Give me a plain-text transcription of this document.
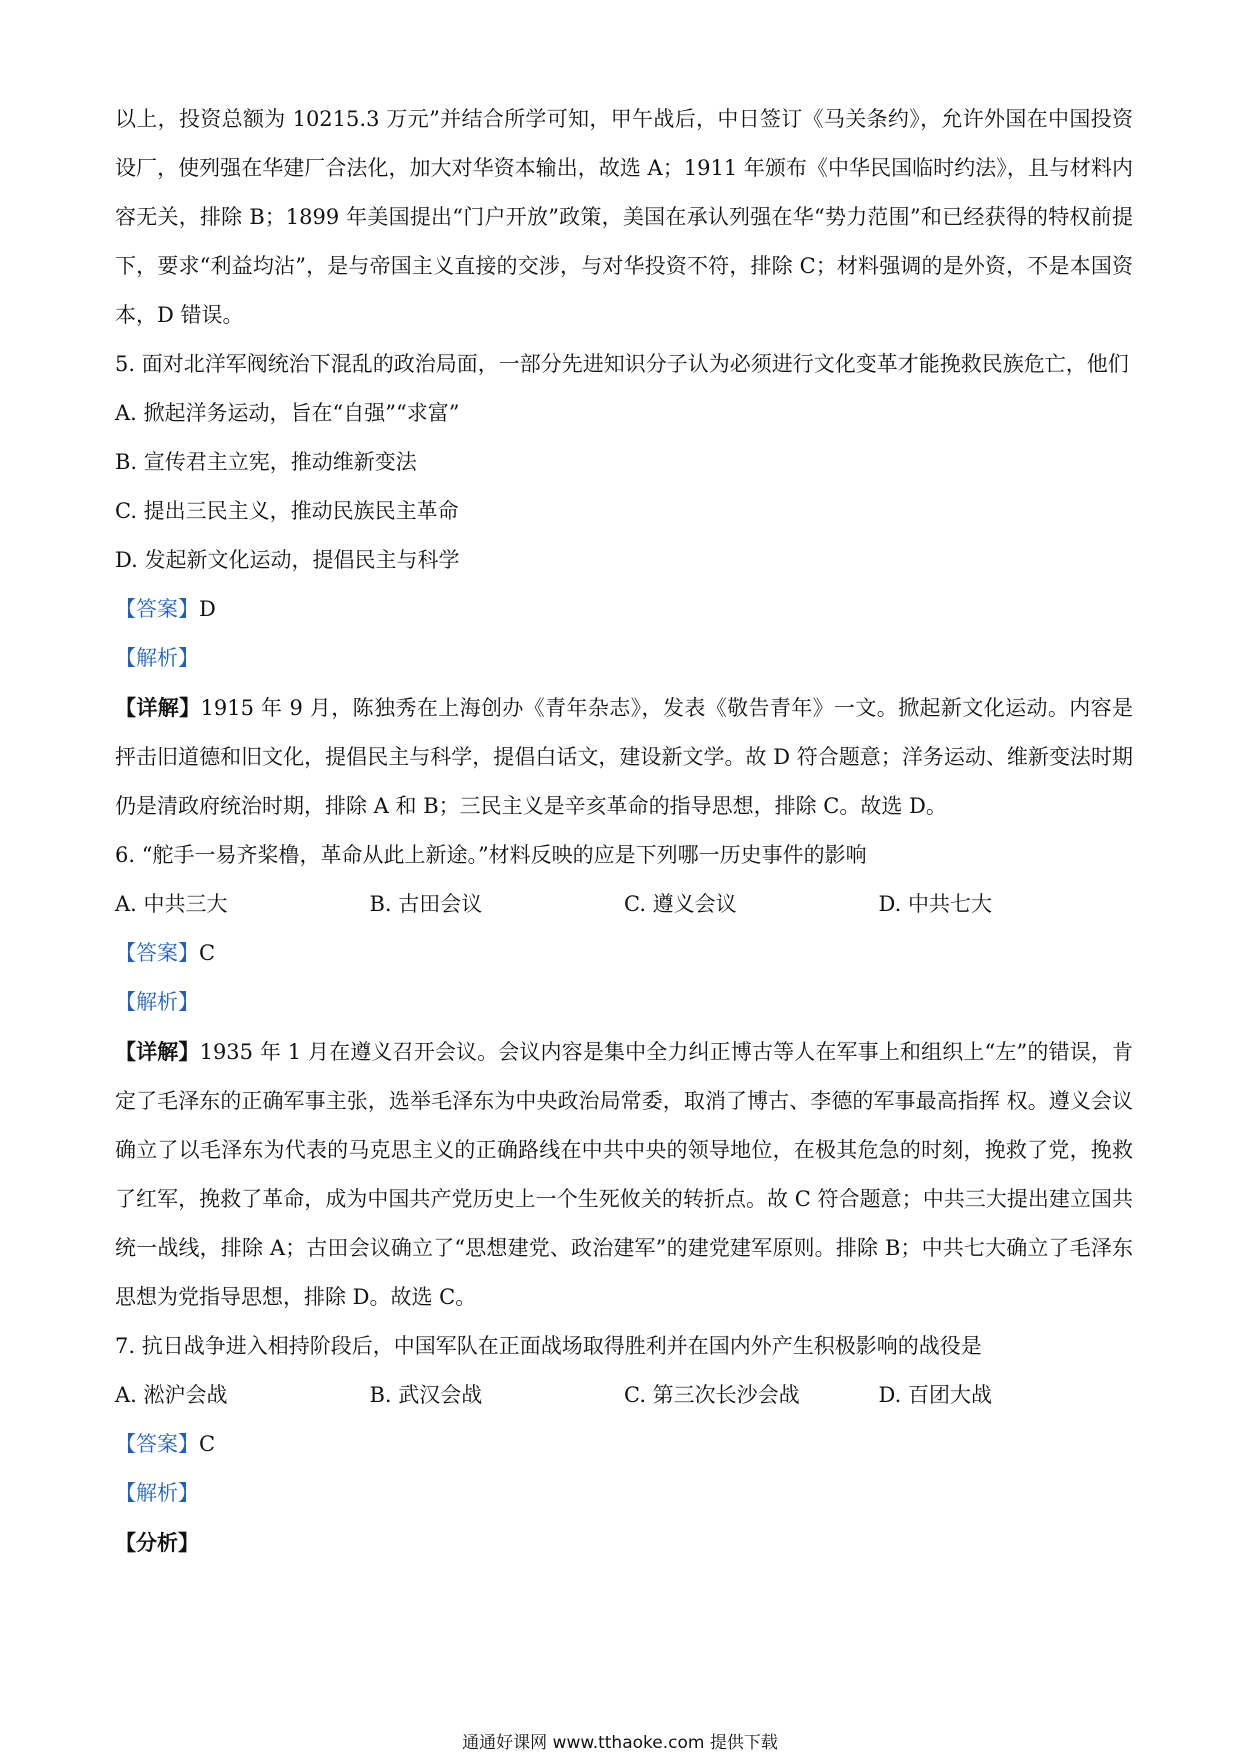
以上，投资总额为 10215.3 万元”并结合所学可知，甲午战后，中日签订《马关条约》，允许外国在中国投资设厂，使列强在华建厂合法化，加大对华资本输出，故选 A；1911 年颁布《中华民国临时约法》，且与材料内容无关，排除 B；1899 年美国提出“门户开放”政策，美国在承认列强在华“势力范围”和已经获得的特权前提下，要求“利益均沾”，是与帝国主义直接的交涉，与对华投资不符，排除 C；材料强调的是外资，不是本国资本，D 错误。

5. 面对北洋军阀统治下混乱的政治局面，一部分先进知识分子认为必须进行文化变革才能挽救民族危亡，他们

A. 掀起洋务运动，旨在“自强”“求富”

B. 宣传君主立宪，推动维新变法

C. 提出三民主义，推动民族民主革命

D. 发起新文化运动，提倡民主与科学

【答案】D

【解析】

【详解】1915 年 9 月，陈独秀在上海创办《青年杂志》，发表《敬告青年》一文。掀起新文化运动。内容是抨击旧道德和旧文化，提倡民主与科学，提倡白话文，建设新文学。故 D 符合题意；洋务运动、维新变法时期仍是清政府统治时期，排除 A 和 B；三民主义是辛亥革命的指导思想，排除 C。故选 D。

6. “舵手一易齐桨橹，革命从此上新途。”材料反映的应是下列哪一历史事件的影响

A. 中共三大	B. 古田会议	C. 遵义会议	D. 中共七大

【答案】C

【解析】

【详解】1935 年 1 月在遵义召开会议。会议内容是集中全力纠正博古等人在军事上和组织上“左”的错误，肯定了毛泽东的正确军事主张，选举毛泽东为中央政治局常委，取消了博古、李德的军事最高指挥 权。遵义会议确立了以毛泽东为代表的马克思主义的正确路线在中共中央的领导地位，在极其危急的时刻，挽救了党，挽救了红军，挽救了革命，成为中国共产党历史上一个生死攸关的转折点。故 C 符合题意；中共三大提出建立国共统一战线，排除 A；古田会议确立了“思想建党、政治建军”的建党建军原则。排除 B；中共七大确立了毛泽东思想为党指导思想，排除 D。故选 C。

7. 抗日战争进入相持阶段后，中国军队在正面战场取得胜利并在国内外产生积极影响的战役是

A. 淞沪会战	B. 武汉会战	C. 第三次长沙会战	D. 百团大战

【答案】C

【解析】

【分析】

通通好课网 www.tthaoke.com 提供下载
